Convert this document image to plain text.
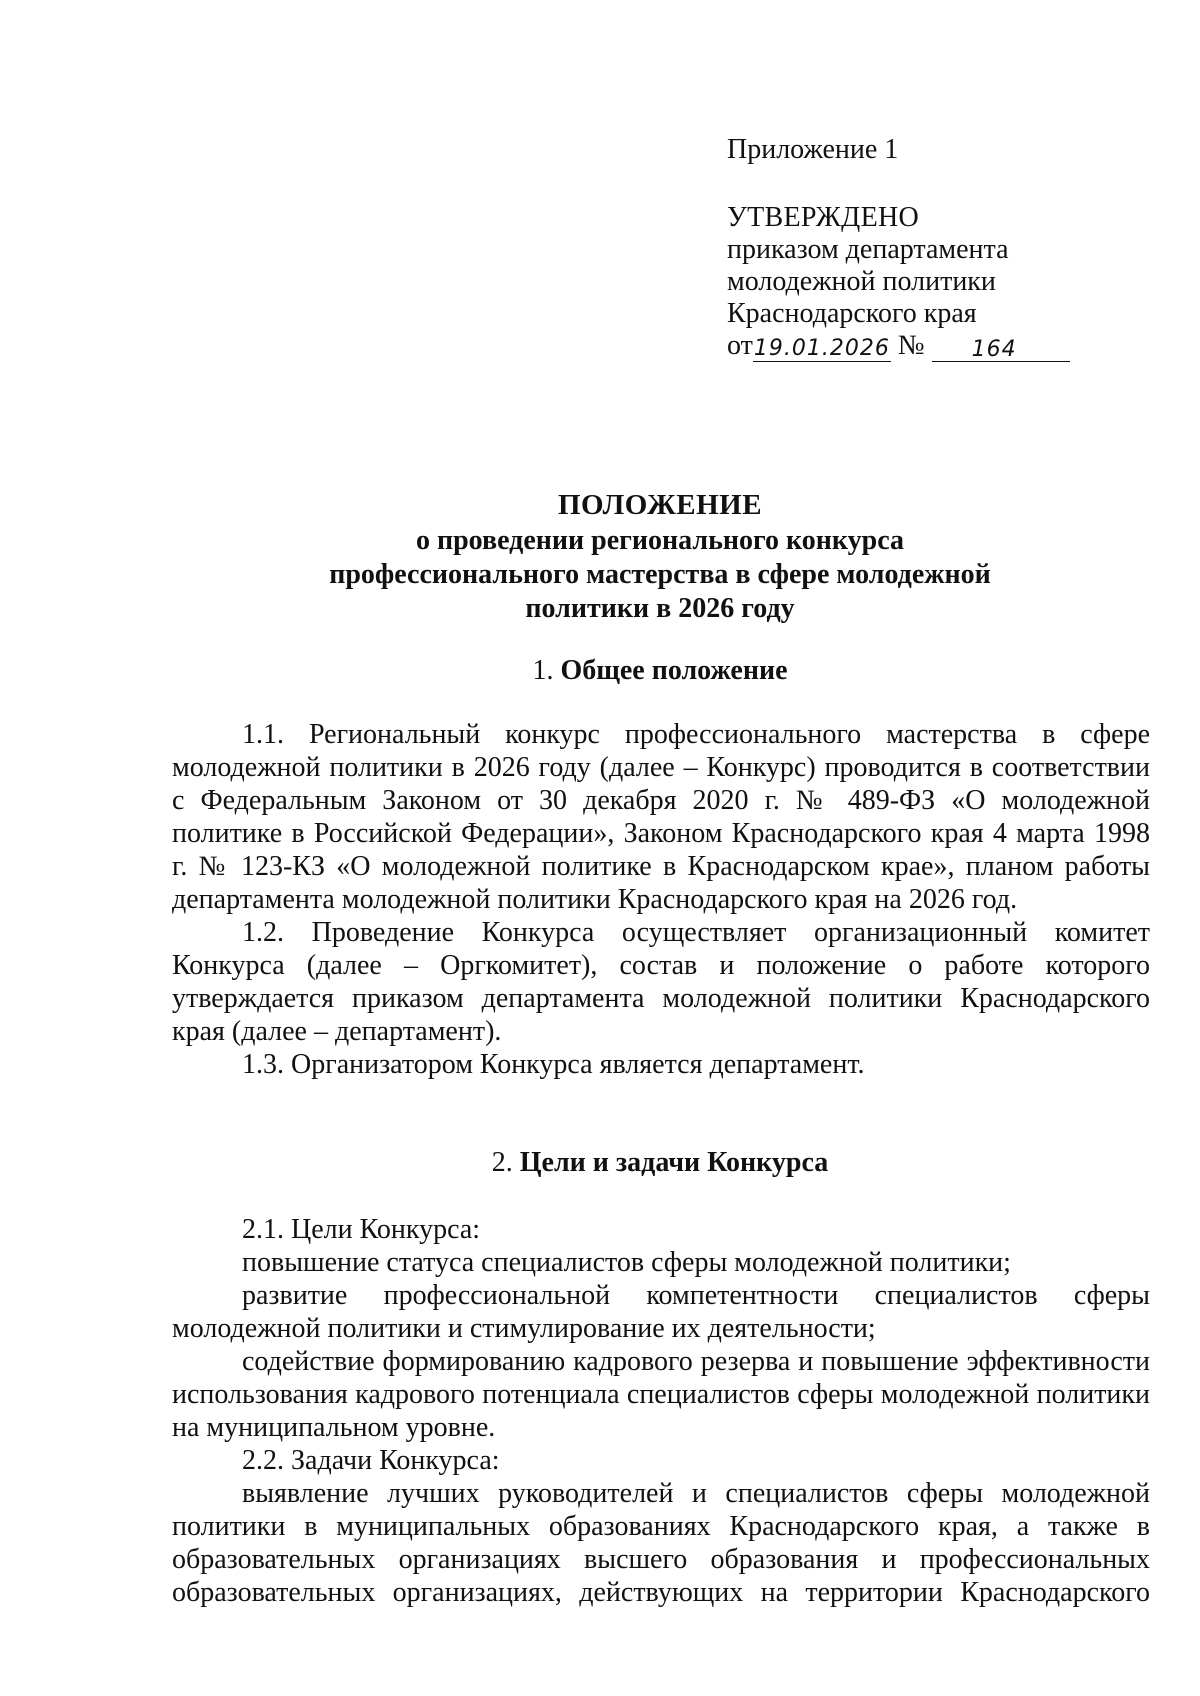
Приложение 1
УТВЕРЖДЕНО
приказом департамента
молодежной политики
Краснодарского края
от19.01.2026 № 164
ПОЛОЖЕНИЕ
о проведении регионального конкурса
профессионального мастерства в сфере молодежной
политики в 2026 году
1. Общее положение

1.1. Региональный конкурс профессионального мастерства в сфере молодежной политики в 2026 году (далее – Конкурс) проводится в соответствии с Федеральным Законом от 30 декабря 2020 г. № 489-ФЗ «О молодежной политике в Российской Федерации», Законом Краснодарского края 4 марта 1998 г. № 123-КЗ «О молодежной политике в Краснодарском крае», планом работы департамента молодежной политики Краснодарского края на 2026 год.

1.2. Проведение Конкурса осуществляет организационный комитет Конкурса (далее – Оргкомитет), состав и положение о работе которого утверждается приказом департамента молодежной политики Краснодарского края (далее – департамент).

1.3. Организатором Конкурса является департамент.

2. Цели и задачи Конкурса

2.1. Цели Конкурса:

повышение статуса специалистов сферы молодежной политики;

развитие профессиональной компетентности специалистов сферы молодежной политики и стимулирование их деятельности;

содействие формированию кадрового резерва и повышение эффективности использования кадрового потенциала специалистов сферы молодежной политики на муниципальном уровне.

2.2. Задачи Конкурса:

выявление лучших руководителей и специалистов сферы молодежной политики в муниципальных образованиях Краснодарского края, а также в образовательных организациях высшего образования и профессиональных образовательных организациях, действующих на территории Краснодарского
